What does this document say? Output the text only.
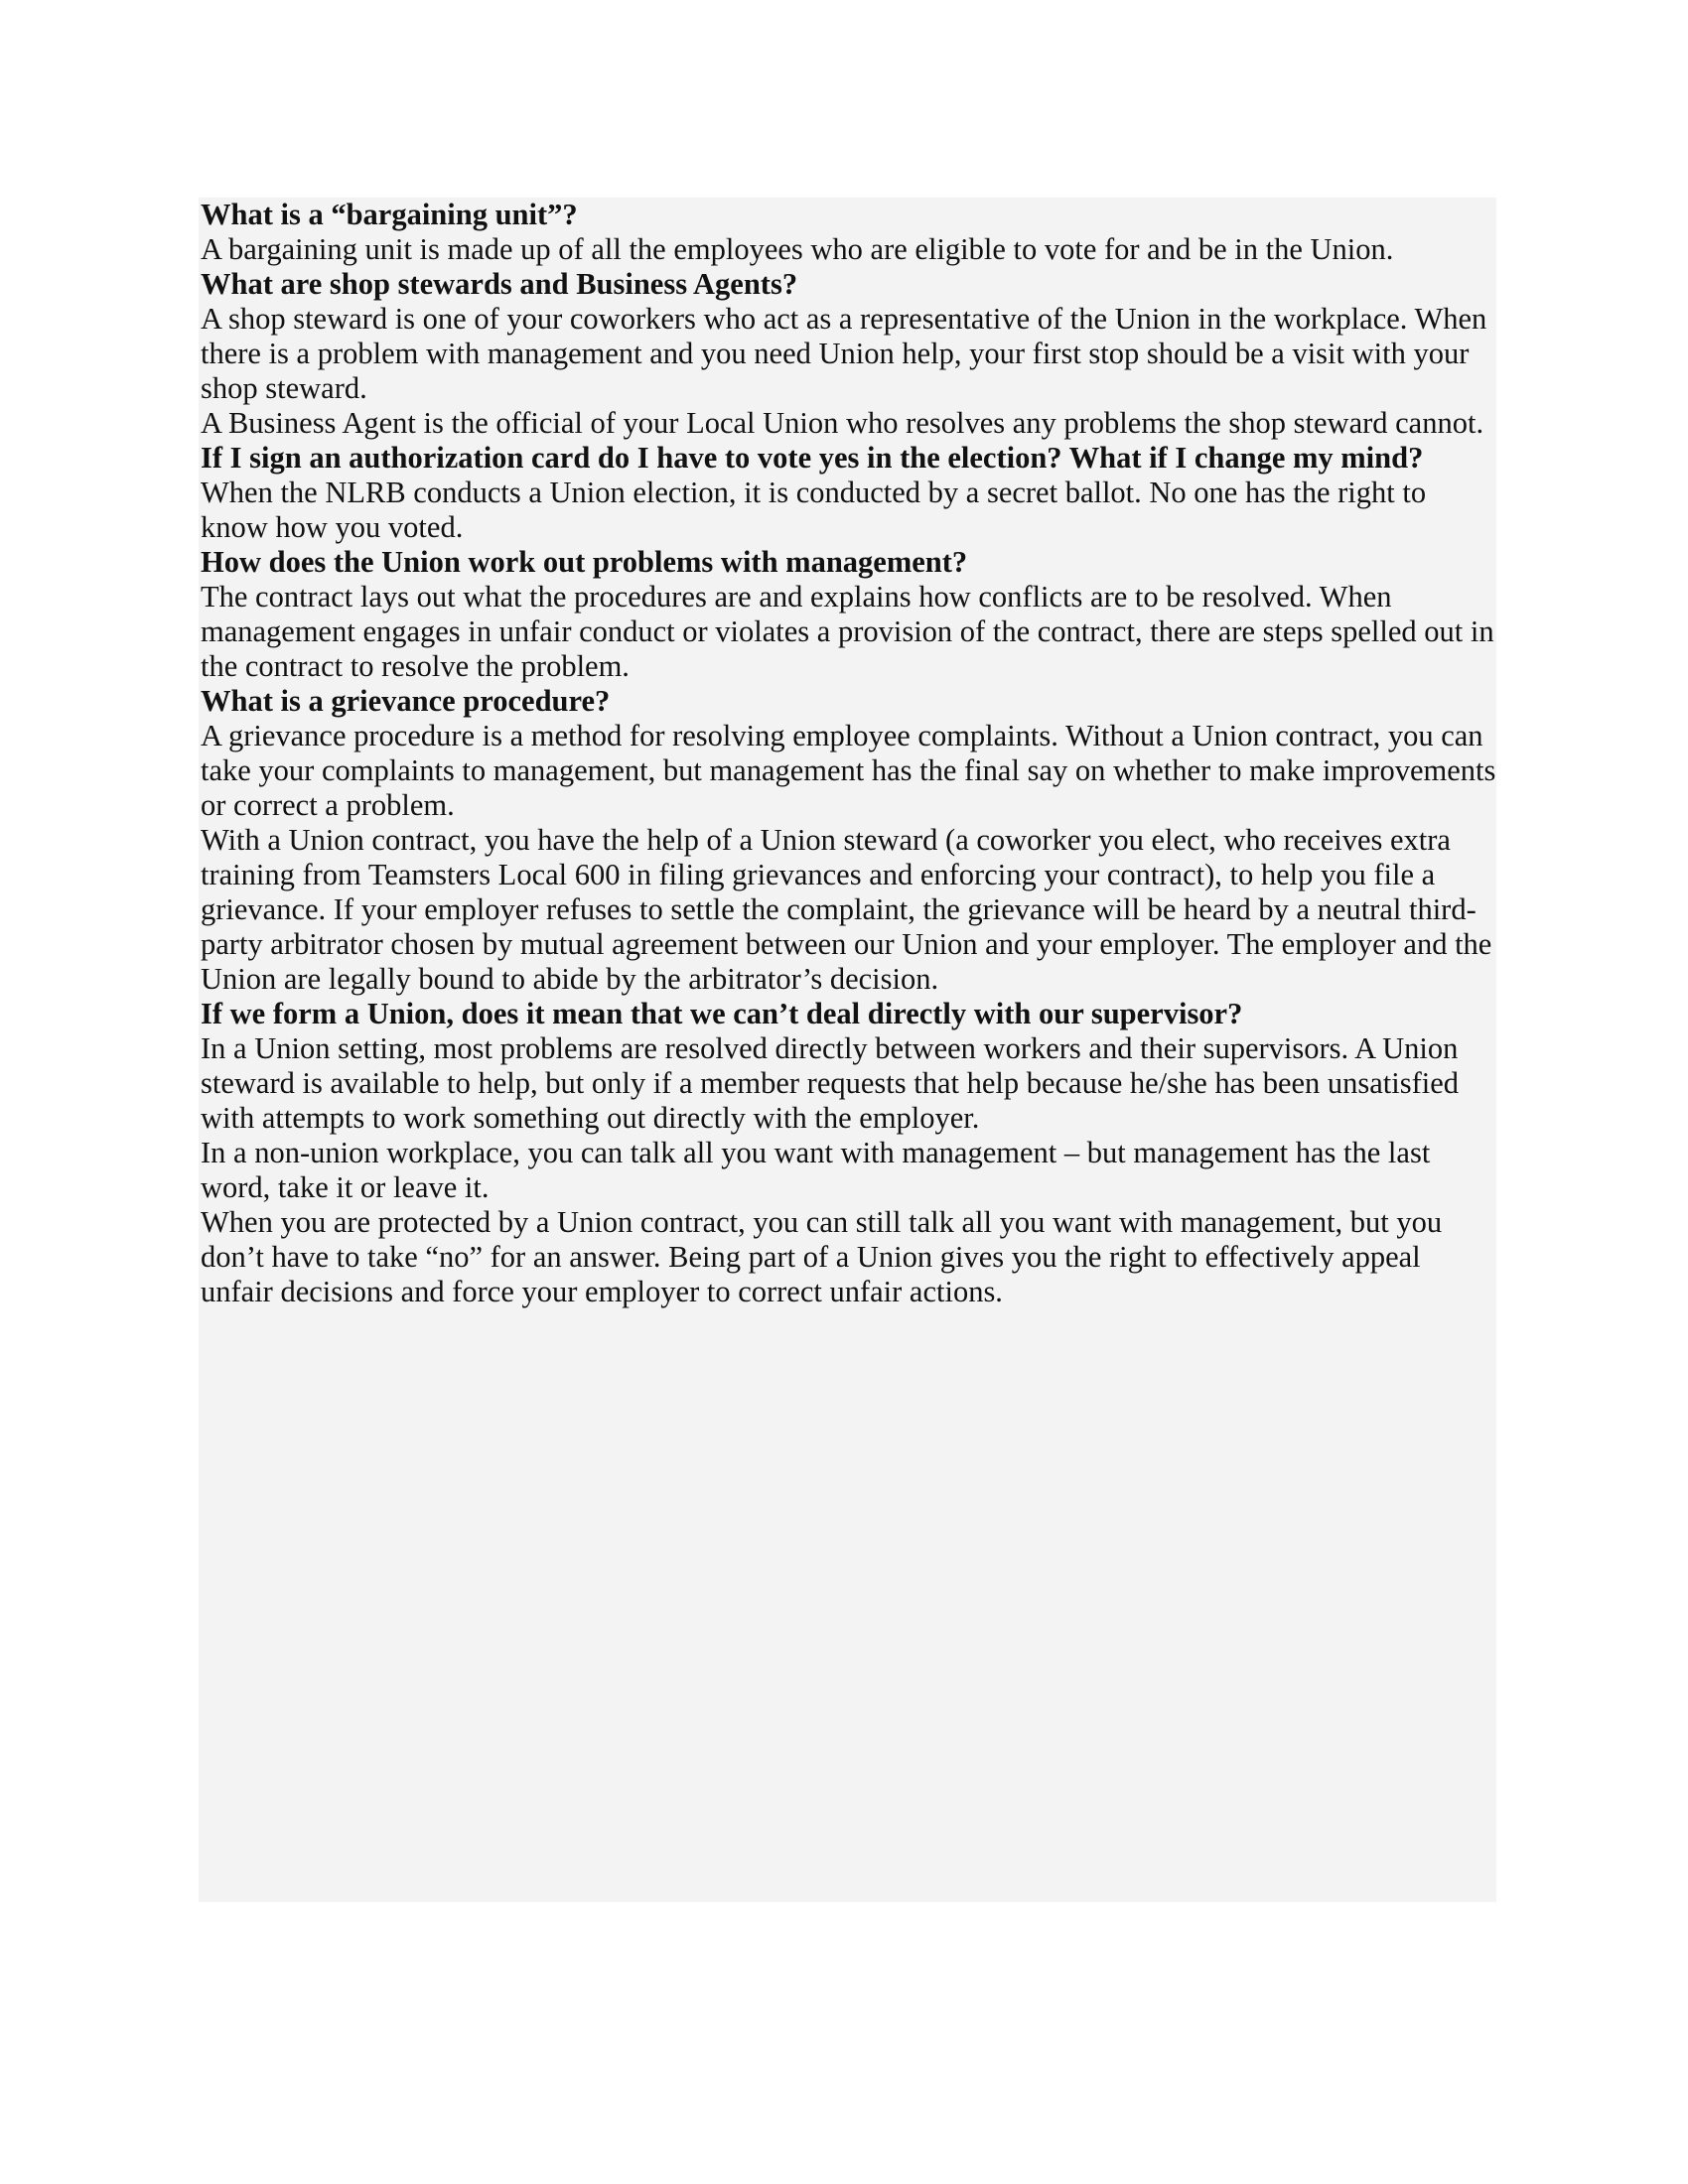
What is a “bargaining unit”?

A bargaining unit is made up of all the employees who are eligible to vote for and be in the Union.

What are shop stewards and Business Agents?

A shop steward is one of your coworkers who act as a representative of the Union in the workplace. When there is a problem with management and you need Union help, your first stop should be a visit with your shop steward.

A Business Agent is the official of your Local Union who resolves any problems the shop steward cannot.

If I sign an authorization card do I have to vote yes in the election? What if I change my mind?

When the NLRB conducts a Union election, it is conducted by a secret ballot. No one has the right to know how you voted.

How does the Union work out problems with management?

The contract lays out what the procedures are and explains how conflicts are to be resolved. When management engages in unfair conduct or violates a provision of the contract, there are steps spelled out in the contract to resolve the problem.

What is a grievance procedure?

A grievance procedure is a method for resolving employee complaints. Without a Union contract, you can take your complaints to management, but management has the final say on whether to make improvements or correct a problem.

With a Union contract, you have the help of a Union steward (a coworker you elect, who receives extra training from Teamsters Local 600 in filing grievances and enforcing your contract), to help you file a grievance. If your employer refuses to settle the complaint, the grievance will be heard by a neutral third-party arbitrator chosen by mutual agreement between our Union and your employer. The employer and the Union are legally bound to abide by the arbitrator’s decision.

If we form a Union, does it mean that we can’t deal directly with our supervisor?

In a Union setting, most problems are resolved directly between workers and their supervisors. A Union steward is available to help, but only if a member requests that help because he/she has been unsatisfied with attempts to work something out directly with the employer.

In a non-union workplace, you can talk all you want with management – but management has the last word, take it or leave it.

When you are protected by a Union contract, you can still talk all you want with management, but you don’t have to take “no” for an answer. Being part of a Union gives you the right to effectively appeal unfair decisions and force your employer to correct unfair actions.
